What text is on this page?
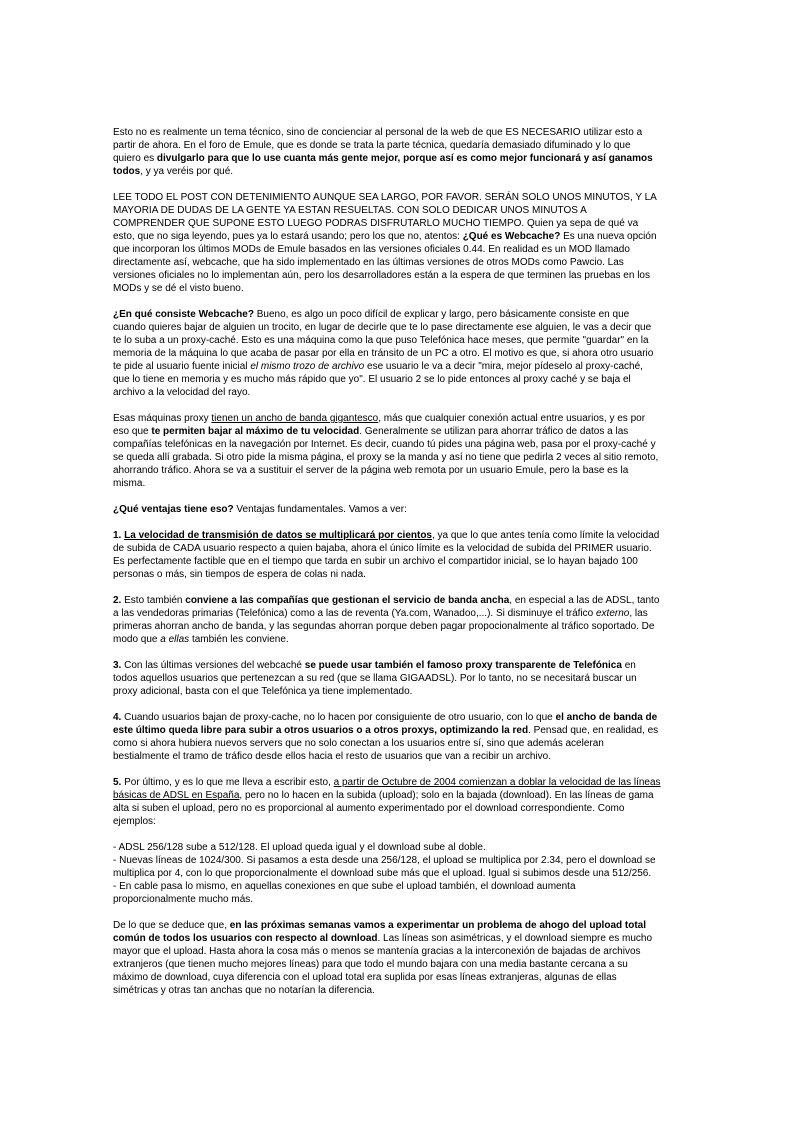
Esto no es realmente un tema técnico, sino de concienciar al personal de la web de que ES NECESARIO utilizar esto a partir de ahora. En el foro de Emule, que es donde se trata la parte técnica, quedaría demasiado difuminado y lo que quiero es divulgarlo para que lo use cuanta más gente mejor, porque así es como mejor funcionará y así ganamos todos, y ya veréis por qué.

LEE TODO EL POST CON DETENIMIENTO AUNQUE SEA LARGO, POR FAVOR. SERÁN SOLO UNOS MINUTOS, Y LA MAYORIA DE DUDAS DE LA GENTE YA ESTAN RESUELTAS. CON SOLO DEDICAR UNOS MINUTOS A COMPRENDER QUE SUPONE ESTO LUEGO PODRAS DISFRUTARLO MUCHO TIEMPO. Quien ya sepa de qué va esto, que no siga leyendo, pues ya lo estará usando; pero los que no, atentos: ¿Qué es Webcache? Es una nueva opción que incorporan los últimos MODs de Emule basados en las versiones oficiales 0.44. En realidad es un MOD llamado directamente así, webcache, que ha sido implementado en las últimas versiones de otros MODs como Pawcio. Las versiones oficiales no lo implementan aún, pero los desarrolladores están a la espera de que terminen las pruebas en los MODs y se dé el visto bueno.

¿En qué consiste Webcache? Bueno, es algo un poco difícil de explicar y largo, pero básicamente consiste en que cuando quieres bajar de alguien un trocito, en lugar de decirle que te lo pase directamente ese alguien, le vas a decir que te lo suba a un proxy-caché. Esto es una máquina como la que puso Telefónica hace meses, que permite "guardar" en la memoria de la máquina lo que acaba de pasar por ella en tránsito de un PC a otro. El motivo es que, si ahora otro usuario te pide al usuario fuente inicial el mismo trozo de archivo ese usuario le va a decir "mira, mejor pídeselo al proxy-caché, que lo tiene en memoria y es mucho más rápido que yo". El usuario 2 se lo pide entonces al proxy caché y se baja el archivo a la velocidad del rayo.

Esas máquinas proxy tienen un ancho de banda gigantesco, más que cualquier conexión actual entre usuarios, y es por eso que te permiten bajar al máximo de tu velocidad. Generalmente se utilizan para ahorrar tráfico de datos a las compañías telefónicas en la navegación por Internet. Es decir, cuando tú pides una página web, pasa por el proxy-caché y se queda allí grabada. Si otro pide la misma página, el proxy se la manda y así no tiene que pedirla 2 veces al sitio remoto, ahorrando tráfico. Ahora se va a sustituir el server de la página web remota por un usuario Emule, pero la base es la misma.

¿Qué ventajas tiene eso? Ventajas fundamentales. Vamos a ver:

1. La velocidad de transmisión de datos se multiplicará por cientos, ya que lo que antes tenía como límite la velocidad de subida de CADA usuario respecto a quien bajaba, ahora el único límite es la velocidad de subida del PRIMER usuario. Es perfectamente factible que en el tiempo que tarda en subir un archivo el compartidor inicial, se lo hayan bajado 100 personas o más, sin tiempos de espera de colas ni nada.

2. Esto también conviene a las compañías que gestionan el servicio de banda ancha, en especial a las de ADSL, tanto a las vendedoras primarias (Telefónica) como a las de reventa (Ya.com, Wanadoo,...). Si disminuye el tráfico externo, las primeras ahorran ancho de banda, y las segundas ahorran porque deben pagar propocionalmente al tráfico soportado. De modo que a ellas también les conviene.

3. Con las últimas versiones del webcaché se puede usar también el famoso proxy transparente de Telefónica en todos aquellos usuarios que pertenezcan a su red (que se llama GIGAADSL). Por lo tanto, no se necesitará buscar un proxy adicional, basta con el que Telefónica ya tiene implementado.

4. Cuando usuarios bajan de proxy-cache, no lo hacen por consiguiente de otro usuario, con lo que el ancho de banda de este último queda libre para subir a otros usuarios o a otros proxys, optimizando la red. Pensad que, en realidad, es como si ahora hubiera nuevos servers que no solo conectan a los usuarios entre sí, sino que además aceleran bestialmente el tramo de tráfico desde ellos hacia el resto de usuarios que van a recibir un archivo.

5. Por último, y es lo que me lleva a escribir esto, a partir de Octubre de 2004 comienzan a doblar la velocidad de las líneas básicas de ADSL en España, pero no lo hacen en la subida (upload); solo en la bajada (download). En las líneas de gama alta si suben el upload, pero no es proporcional al aumento experimentado por el download correspondiente. Como ejemplos:

- ADSL 256/128 sube a 512/128. El upload queda igual y el download sube al doble.

- Nuevas líneas de 1024/300. Si pasamos a esta desde una 256/128, el upload se multiplica por 2.34, pero el download se multiplica por 4, con lo que proporcionalmente el download sube más que el upload. Igual si subimos desde una 512/256.

- En cable pasa lo mismo, en aquellas conexiones en que sube el upload también, el download aumenta proporcionalmente mucho más.

De lo que se deduce que, en las próximas semanas vamos a experimentar un problema de ahogo del upload total común de todos los usuarios con respecto al download. Las líneas son asimétricas, y el download siempre es mucho mayor que el upload. Hasta ahora la cosa más o menos se mantenía gracias a la interconexión de bajadas de archivos extranjeros (que tienen mucho mejores líneas) para que todo el mundo bajara con una media bastante cercana a su máximo de download, cuya diferencia con el upload total era suplida por esas líneas extranjeras, algunas de ellas simétricas y otras tan anchas que no notarían la diferencia.
